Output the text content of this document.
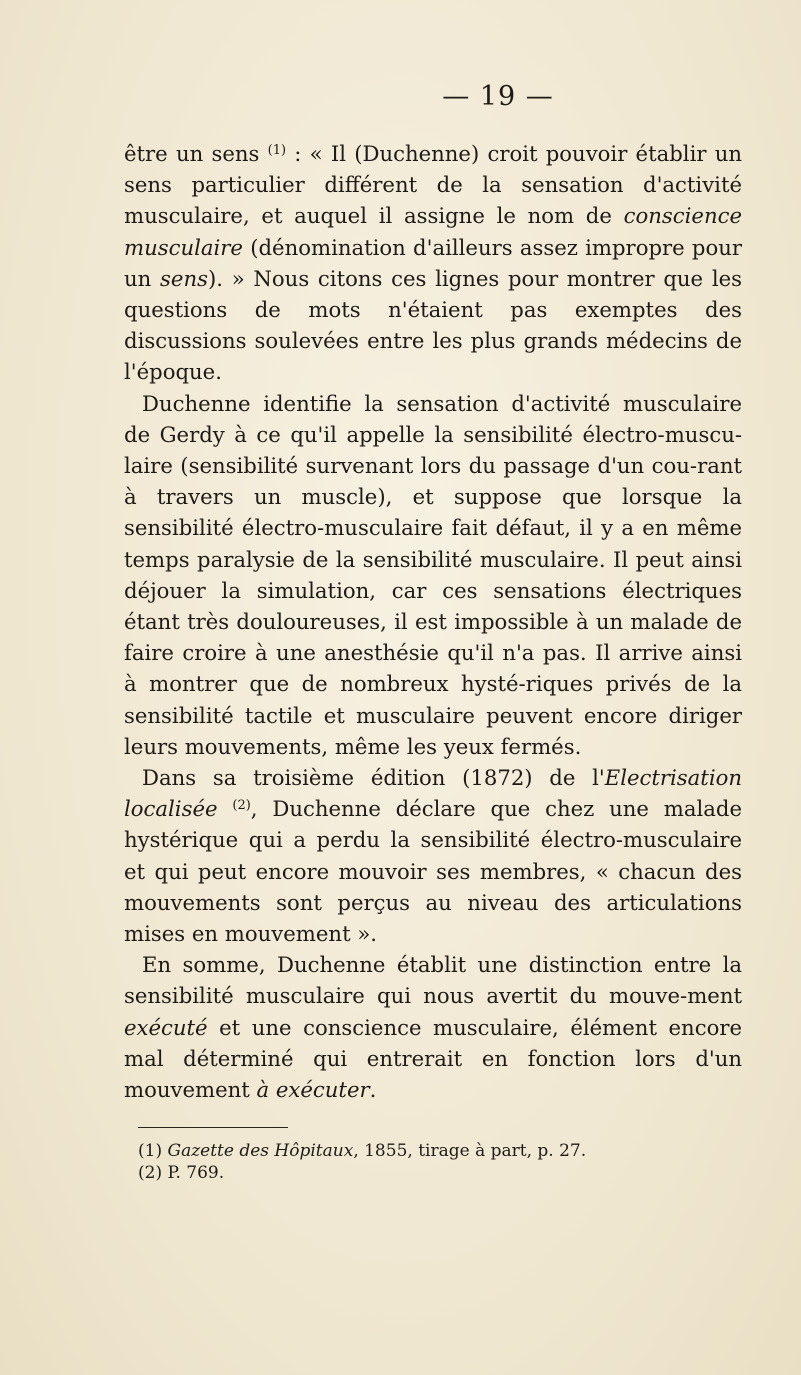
— 19 —

être un sens $^{(1)}$ : « Il (Duchenne) croit pouvoir établir un sens particulier différent de la sensation d'activité musculaire, et auquel il assigne le nom de conscience musculaire (dénomination d'ailleurs assez impropre pour un sens). » Nous citons ces lignes pour montrer que les questions de mots n'étaient pas exemptes des discussions soulevées entre les plus grands médecins de l'époque.

Duchenne identifie la sensation d'activité musculaire de Gerdy à ce qu'il appelle la sensibilité électro-muscu-laire (sensibilité survenant lors du passage d'un cou-rant à travers un muscle), et suppose que lorsque la sensibilité électro-musculaire fait défaut, il y a en même temps paralysie de la sensibilité musculaire. Il peut ainsi déjouer la simulation, car ces sensations électriques étant très douloureuses, il est impossible à un malade de faire croire à une anesthésie qu'il n'a pas. Il arrive ainsi à montrer que de nombreux hysté-riques privés de la sensibilité tactile et musculaire peuvent encore diriger leurs mouvements, même les yeux fermés.

Dans sa troisième édition (1872) de l'Electrisation localisée $^{(2)}$, Duchenne déclare que chez une malade hystérique qui a perdu la sensibilité électro-musculaire et qui peut encore mouvoir ses membres, « chacun des mouvements sont perçus au niveau des articulations mises en mouvement ».

En somme, Duchenne établit une distinction entre la sensibilité musculaire qui nous avertit du mouve-ment exécuté et une conscience musculaire, élément encore mal déterminé qui entrerait en fonction lors d'un mouvement à exécuter.

(1) Gazette des Hôpitaux, 1855, tirage à part, p. 27.

(2) P. 769.
